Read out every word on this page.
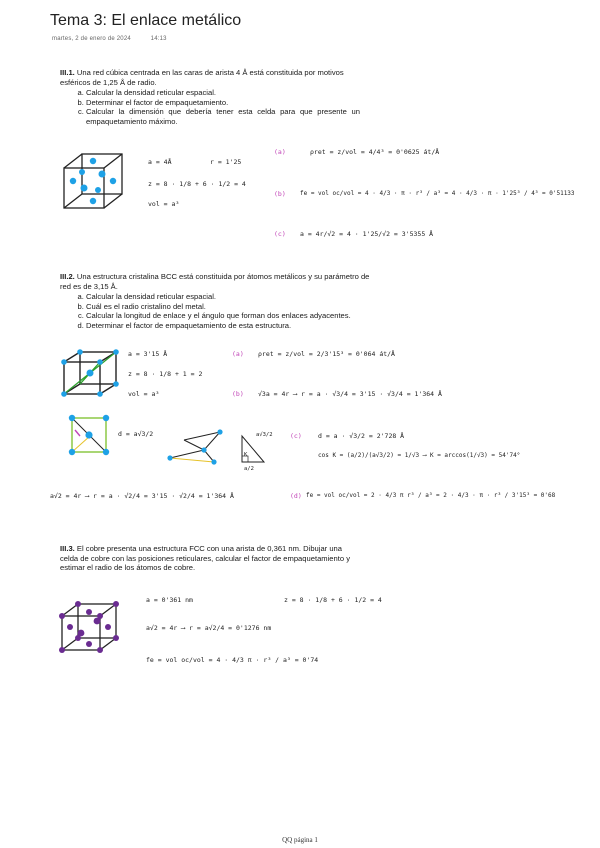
Tema 3: El enlace metálico
martes, 2 de enero de 2024	14:13
III.1. Una red cúbica centrada en las caras de arista 4 Å está constituida por motivos esféricos de 1,25 Å de radio.
a. Calcular la densidad reticular espacial.
b. Determinar el factor de empaquetamiento.
c. Calcular la dimensión que debería tener esta celda para que presente un empaquetamiento máximo.
a = 4Å	r = 1'25
z = 8 · 1/8 + 6 · 1/2 = 4
vol = a³
(a)	ρret = z/vol = 4/4³ = 0'0625 át/Å
(b) fe = vol oc/vol = 4 · 4/3 · π · r³ / a³ = 4 · 4/3 · π · 1'25³ / 4³ = 0'51133
(c) a = 4r/√2 = 4 · 1'25/√2 = 3'5355 Å
III.2. Una estructura cristalina BCC está constituida por átomos metálicos y su parámetro de red es de 3,15 Å.
a. Calcular la densidad reticular espacial.
b. Cuál es el radio cristalino del metal.
c. Calcular la longitud de enlace y el ángulo que forman dos enlaces adyacentes.
d. Determinar el factor de empaquetamiento de esta estructura.
a = 3'15 Å
z = 8 · 1/8 + 1 = 2
vol = a³
(a) ρret = z/vol = 2/3'15³ = 0'064 át/Å
(b) √3a = 4r ⟶ r = a · √3/4 = 3'15 · √3/4 = 1'364 Å
d = a√3/2	a√3/2
K
a/2
(c)	d = a · √3/2 = 2'728 Å
cos K = (a/2)/(a√3/2) = 1/√3 ⟶ K = arccos(1/√3) = 54'74°
a√2 = 4r ⟶ r = a · √2/4 = 3'15 · √2/4 = 1'364 Å	(d) fe = vol oc/vol = 2 · 4/3 π r³ / a³ = 2 · 4/3 · π · r³ / 3'15³ = 0'68
III.3. El cobre presenta una estructura FCC con una arista de 0,361 nm. Dibujar una celda de cobre con las posiciones reticulares, calcular el factor de empaquetamiento y estimar el radio de los átomos de cobre.
a = 0'361 nm	z = 8 · 1/8 + 6 · 1/2 = 4
a√2 = 4r ⟶ r = a√2/4 = 0'1276 nm
fe = vol oc/vol = 4 · 4/3 π · r³ / a³ = 0'74
QQ página 1
